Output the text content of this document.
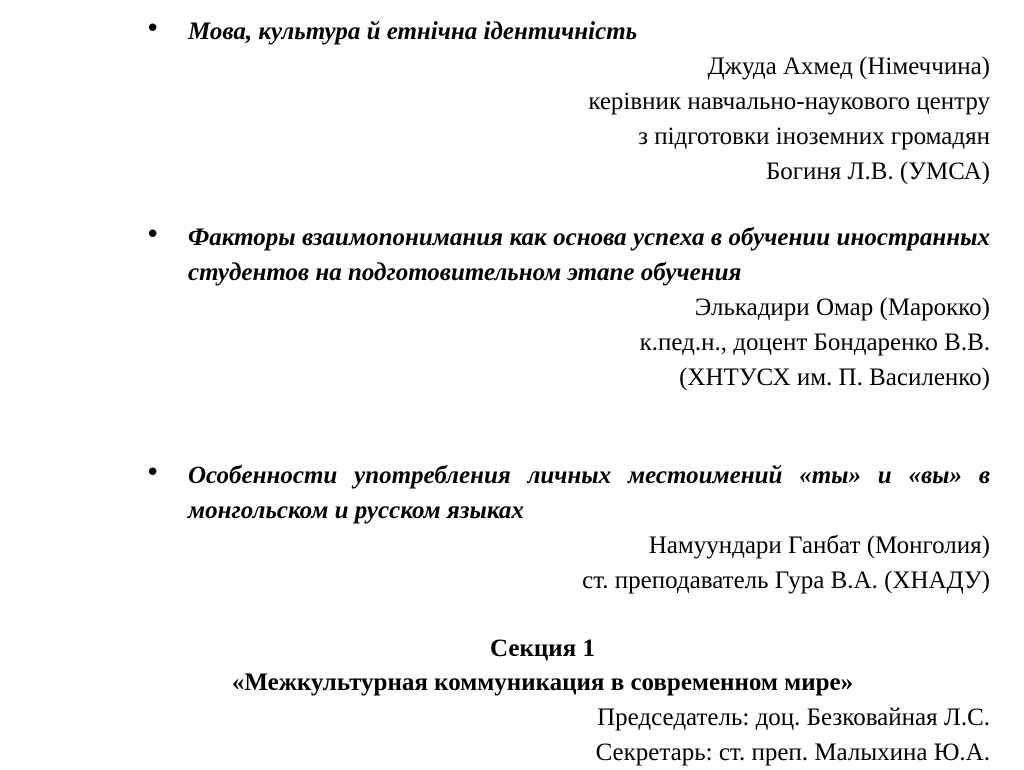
• Мова, культура й етнічна ідентичність
Джуда Ахмед (Німеччина)
керівник навчально-наукового центру
з підготовки іноземних громадян
Богиня Л.В. (УМСА)
• Факторы взаимопонимания как основа успеха в обучении иностранных студентов на подготовительном этапе обучения
Элькадири Омар (Марокко)
к.пед.н., доцент Бондаренко В.В.
(ХНТУСХ им. П. Василенко)
• Особенности употребления личных местоимений «ты» и «вы» в монгольском и русском языках
Намуундари Ганбат (Монголия)
ст. преподаватель Гура В.А. (ХНАДУ)
Секция 1
«Межкультурная коммуникация в современном мире»
Председатель: доц. Безковайная Л.С.
Секретарь: ст. преп. Малыхина Ю.А.
